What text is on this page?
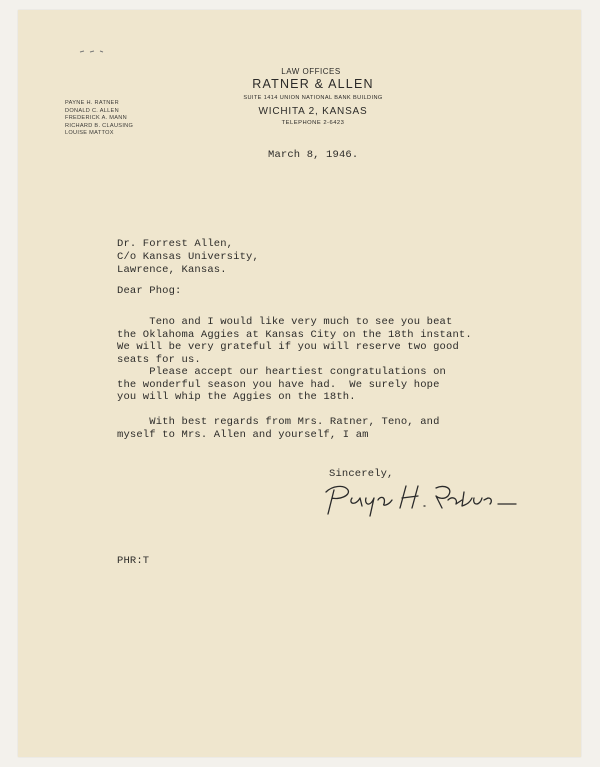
LAW OFFICES
RATNER & ALLEN
SUITE 1414 UNION NATIONAL BANK BUILDING
WICHITA 2, KANSAS
TELEPHONE 2-6423
PAYNE H. RATNER
DONALD C. ALLEN
FREDERICK A. MANN
RICHARD B. CLAUSING
LOUISE MATTOX
March 8, 1946.
Dr. Forrest Allen,
C/o Kansas University,
Lawrence, Kansas.
Dear Phog:
Teno and I would like very much to see you beat
the Oklahoma Aggies at Kansas City on the 18th instant.
We will be very grateful if you will reserve two good
seats for us.
Please accept our heartiest congratulations on
the wonderful season you have had.  We surely hope
you will whip the Aggies on the 18th.
With best regards from Mrs. Ratner, Teno, and
myself to Mrs. Allen and yourself, I am
Sincerely,
PHR:T
